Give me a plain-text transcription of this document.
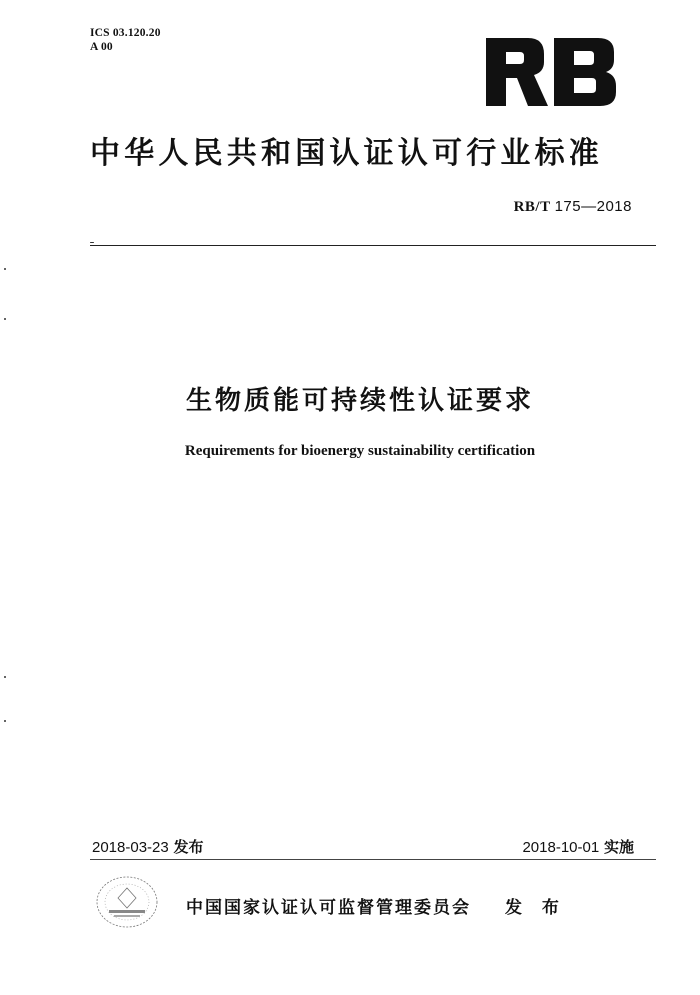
ICS 03.120.20
A 00
中华人民共和国认证认可行业标准
RB/T 175—2018
生物质能可持续性认证要求
Requirements for bioenergy sustainability certification
2018-03-23 发布	2018-10-01 实施
中国国家认证认可监督管理委员会 发 布
